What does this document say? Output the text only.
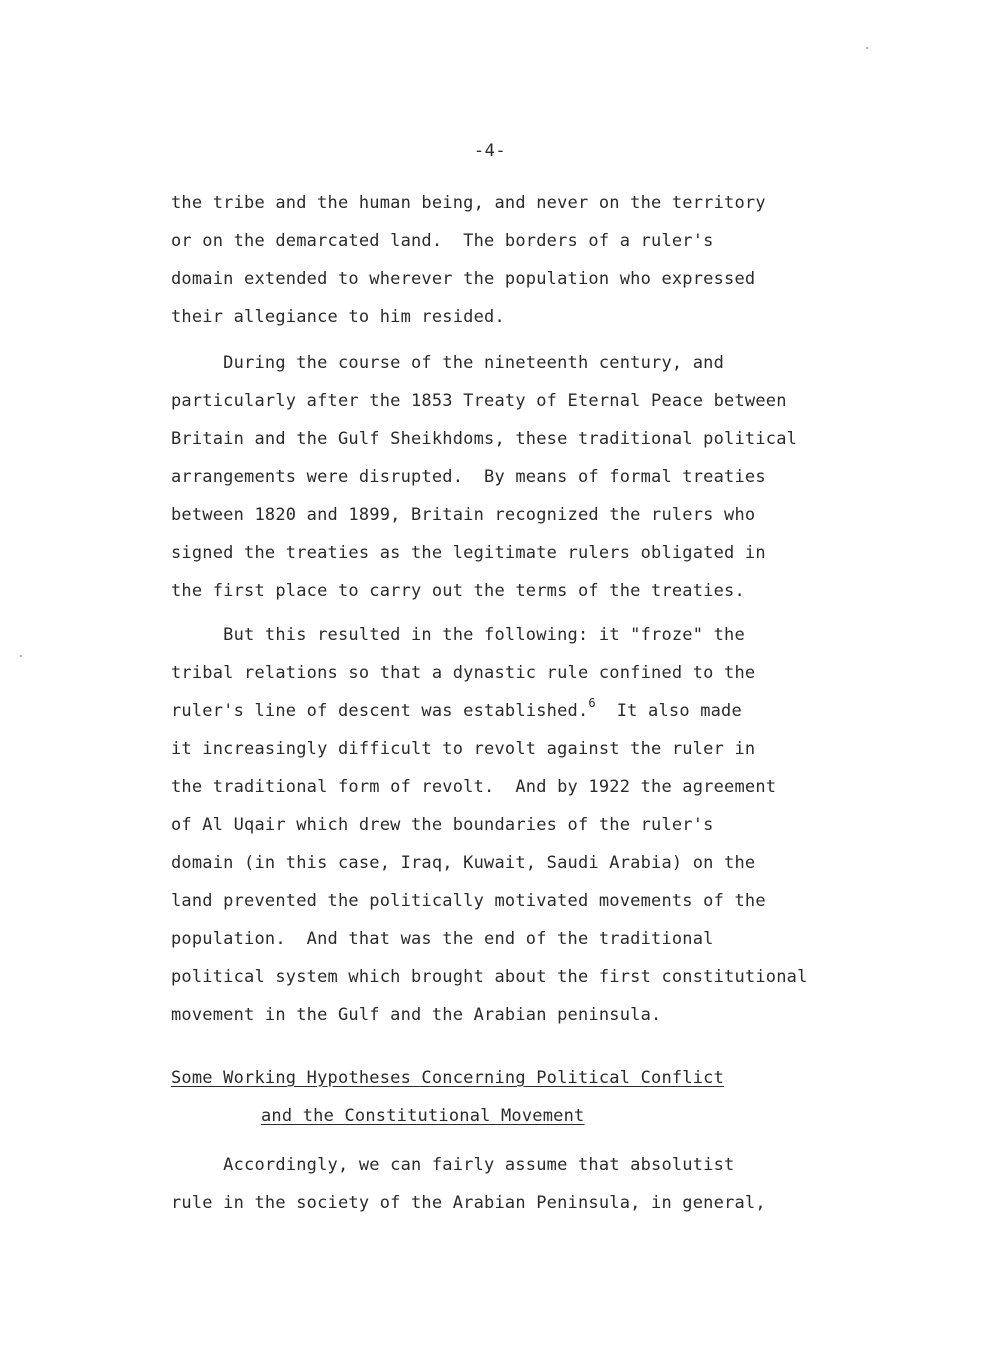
-4-
the tribe and the human being, and never on the territory
or on the demarcated land.  The borders of a ruler's
domain extended to wherever the population who expressed
their allegiance to him resided.
During the course of the nineteenth century, and
particularly after the 1853 Treaty of Eternal Peace between
Britain and the Gulf Sheikhdoms, these traditional political
arrangements were disrupted.  By means of formal treaties
between 1820 and 1899, Britain recognized the rulers who
signed the treaties as the legitimate rulers obligated in
the first place to carry out the terms of the treaties.
But this resulted in the following: it "froze" the
tribal relations so that a dynastic rule confined to the
ruler's line of descent was established.$^6$  It also made
it increasingly difficult to revolt against the ruler in
the traditional form of revolt.  And by 1922 the agreement
of Al Uqair which drew the boundaries of the ruler's
domain (in this case, Iraq, Kuwait, Saudi Arabia) on the
land prevented the politically motivated movements of the
population.  And that was the end of the traditional
political system which brought about the first constitutional
movement in the Gulf and the Arabian peninsula.
Some Working Hypotheses Concerning Political Conflict
and the Constitutional Movement
Accordingly, we can fairly assume that absolutist
rule in the society of the Arabian Peninsula, in general,
